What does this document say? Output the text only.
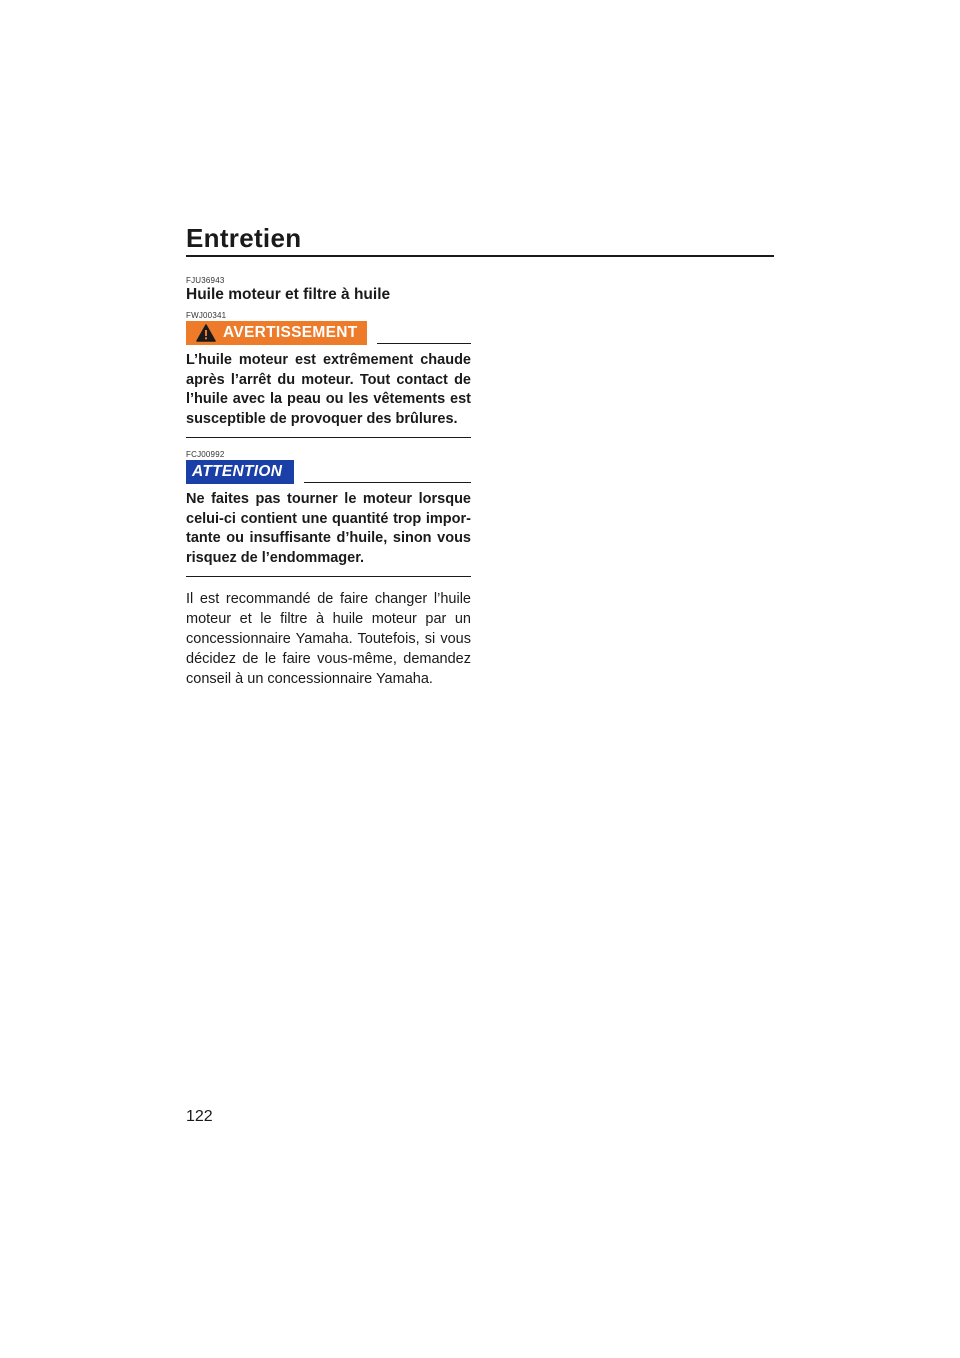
Entretien
FJU36943
Huile moteur et filtre à huile
FWJ00341
AVERTISSEMENT
L’huile moteur est extrêmement chaude après l’arrêt du moteur. Tout contact de l’huile avec la peau ou les vêtements est susceptible de provoquer des brûlures.
FCJ00992
ATTENTION
Ne faites pas tourner le moteur lorsque celui-ci contient une quantité trop impor-tante ou insuffisante d’huile, sinon vous risquez de l’endommager.
Il est recommandé de faire changer l’huile moteur et le filtre à huile moteur par un concessionnaire Yamaha. Toutefois, si vous décidez de le faire vous-même, demandez conseil à un concessionnaire Yamaha.
122
